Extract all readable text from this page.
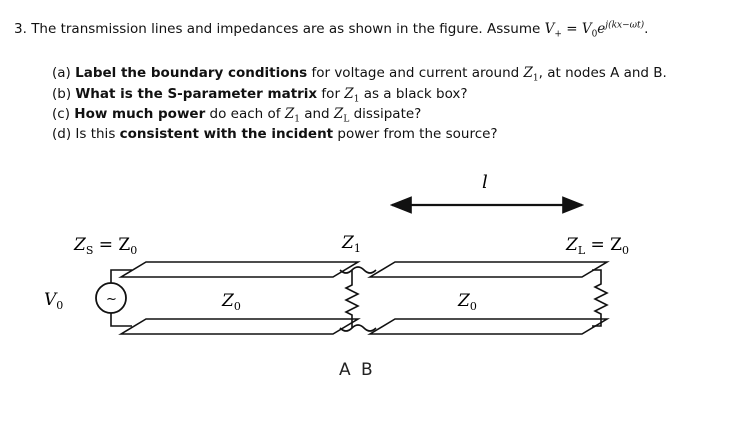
3. The transmission lines and impedances are as shown in the figure. Assume $V_+ = V_0e^{j(kx-\omega t)}$.
(a) Label the boundary conditions for voltage and current around $Z_1$, at nodes A and B.
(b) What is the S-parameter matrix for $Z_1$ as a black box?
(c) How much power do each of $Z_1$ and $Z_L$ dissipate?
(d) Is this consistent with the incident power from the source?
l
$Z_S = Z_0$	$Z_1$	$Z_L = Z_0$
$V_0$	~	$Z_0$	$Z_0$
A B
